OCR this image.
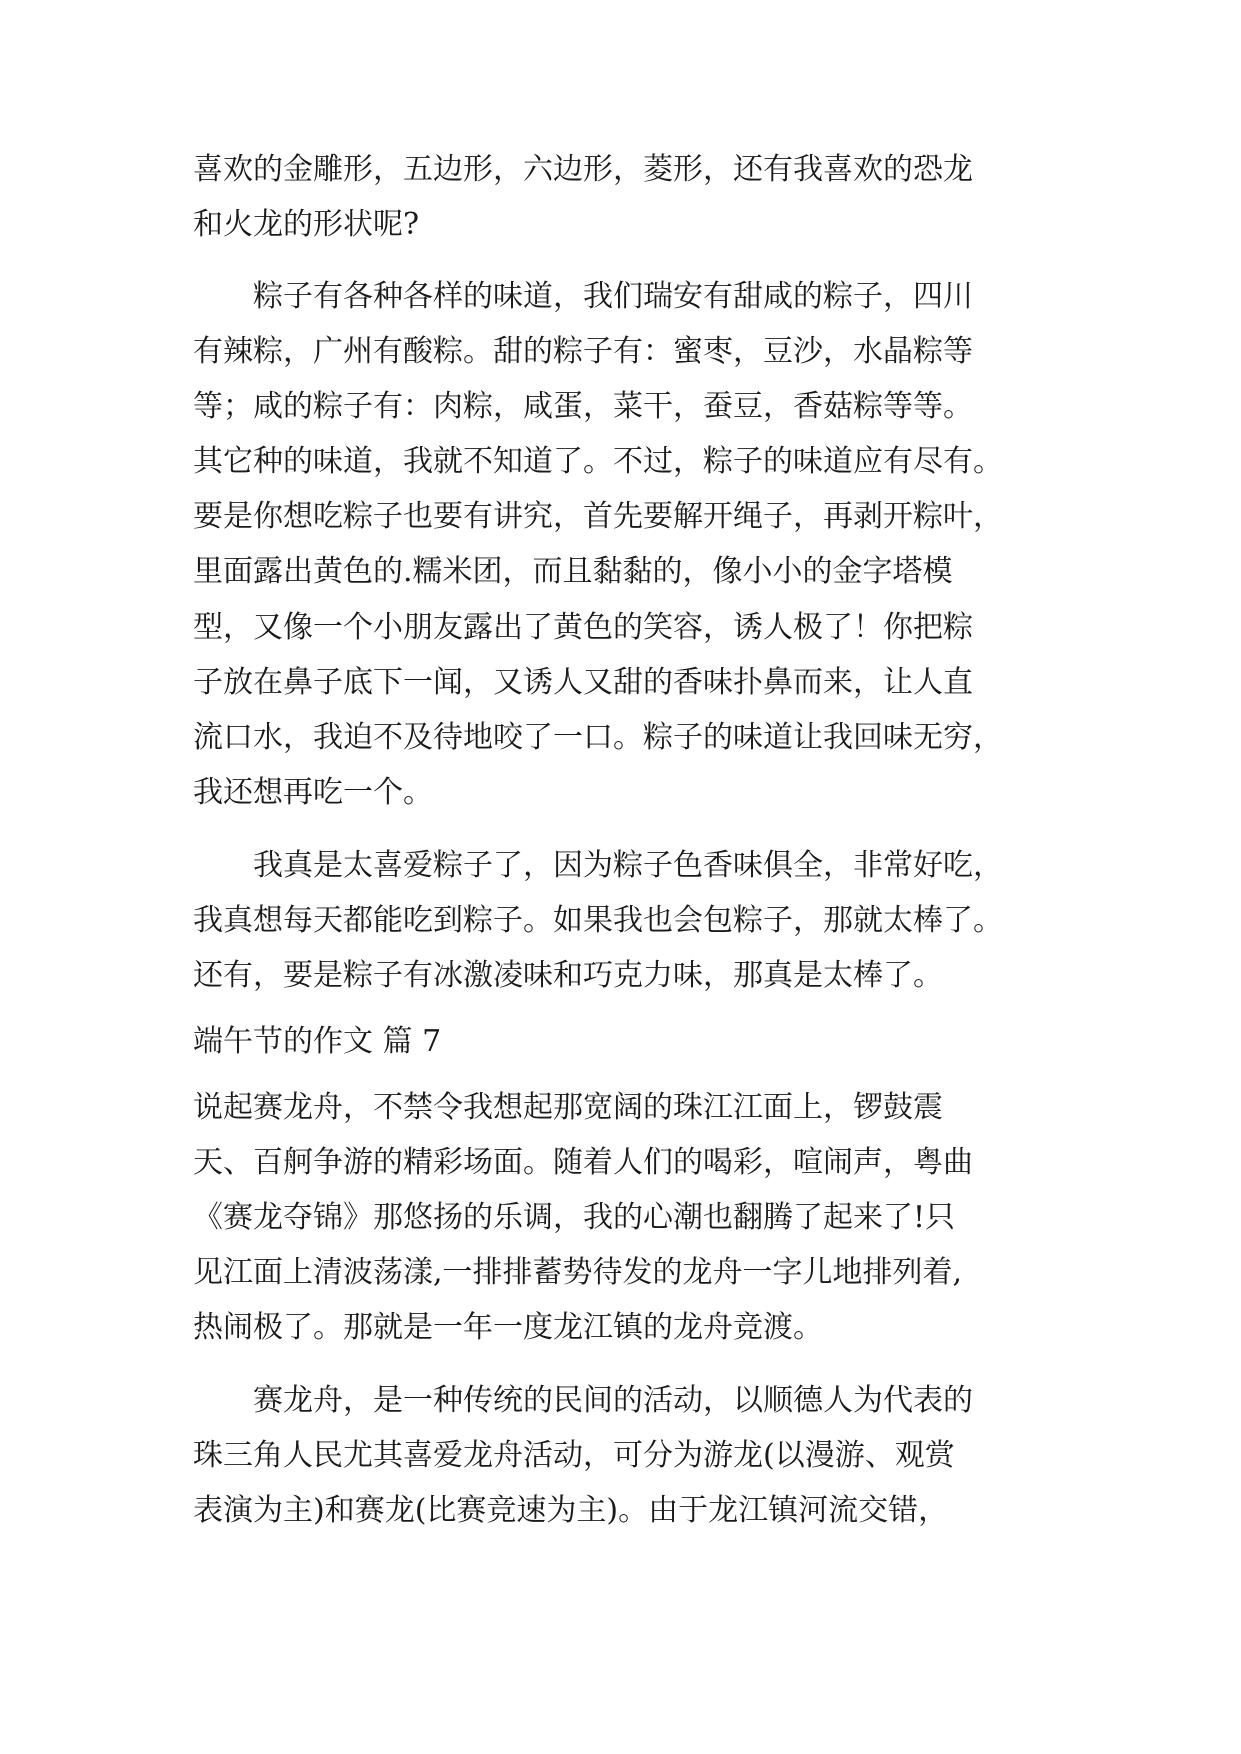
喜欢的金雕形，五边形，六边形，菱形，还有我喜欢的恐龙
和火龙的形状呢?
　　粽子有各种各样的味道，我们瑞安有甜咸的粽子，四川
有辣粽，广州有酸粽。甜的粽子有：蜜枣，豆沙，水晶粽等
等；咸的粽子有：肉粽，咸蛋，菜干，蚕豆，香菇粽等等。
其它种的味道，我就不知道了。不过，粽子的味道应有尽有。
要是你想吃粽子也要有讲究，首先要解开绳子，再剥开粽叶，
里面露出黄色的.糯米团，而且黏黏的，像小小的金字塔模
型，又像一个小朋友露出了黄色的笑容，诱人极了！你把粽
子放在鼻子底下一闻，又诱人又甜的香味扑鼻而来，让人直
流口水，我迫不及待地咬了一口。粽子的味道让我回味无穷，
我还想再吃一个。
　　我真是太喜爱粽子了，因为粽子色香味俱全，非常好吃，
我真想每天都能吃到粽子。如果我也会包粽子，那就太棒了。
还有，要是粽子有冰激凌味和巧克力味，那真是太棒了。
端午节的作文 篇 7
说起赛龙舟，不禁令我想起那宽阔的珠江江面上，锣鼓震
天、百舸争游的精彩场面。随着人们的喝彩，喧闹声，粤曲
《赛龙夺锦》那悠扬的乐调，我的心潮也翻腾了起来了!只
见江面上清波荡漾,一排排蓄势待发的龙舟一字儿地排列着,
热闹极了。那就是一年一度龙江镇的龙舟竞渡。
　　赛龙舟，是一种传统的民间的活动，以顺德人为代表的
珠三角人民尤其喜爱龙舟活动，可分为游龙(以漫游、观赏
表演为主)和赛龙(比赛竞速为主)。由于龙江镇河流交错，
